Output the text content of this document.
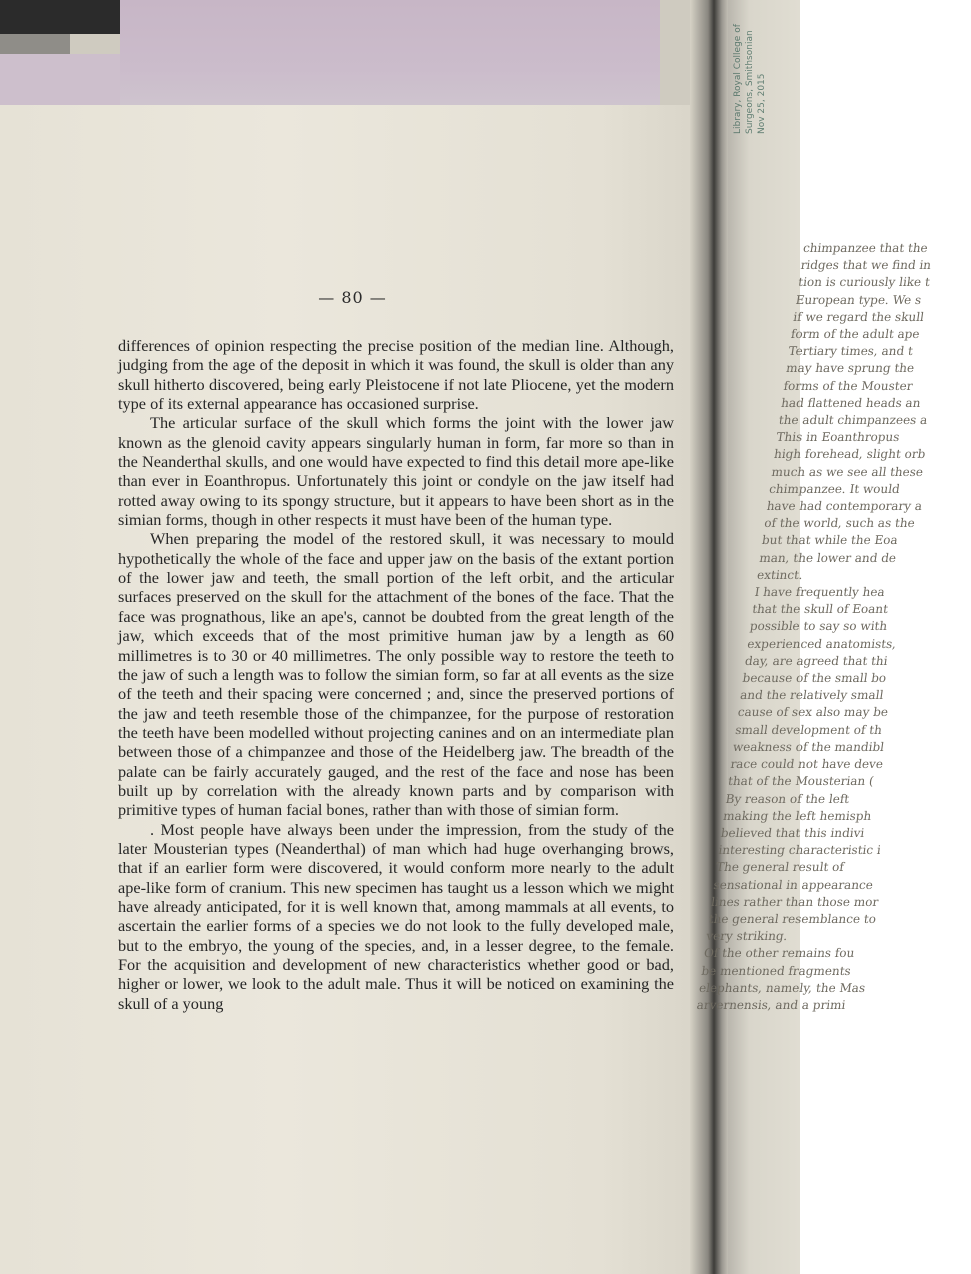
— 80 —

differences of opinion respecting the precise position of the median line. Although, judging from the age of the deposit in which it was found, the skull is older than any skull hitherto discovered, being early Pleistocene if not late Pliocene, yet the modern type of its external appearance has occasioned surprise.

The articular surface of the skull which forms the joint with the lower jaw known as the glenoid cavity appears singularly human in form, far more so than in the Neanderthal skulls, and one would have expected to find this detail more ape-like than ever in Eoanthropus. Unfortunately this joint or condyle on the jaw itself had rotted away owing to its spongy structure, but it appears to have been short as in the simian forms, though in other respects it must have been of the human type.

When preparing the model of the restored skull, it was necessary to mould hypothetically the whole of the face and upper jaw on the basis of the extant portion of the lower jaw and teeth, the small portion of the left orbit, and the articular surfaces preserved on the skull for the attachment of the bones of the face. That the face was prognathous, like an ape's, cannot be doubted from the great length of the jaw, which exceeds that of the most primitive human jaw by a length as 60 millimetres is to 30 or 40 millimetres. The only possible way to restore the teeth to the jaw of such a length was to follow the simian form, so far at all events as the size of the teeth and their spacing were concerned ; and, since the preserved portions of the jaw and teeth resemble those of the chimpanzee, for the purpose of restoration the teeth have been modelled without projecting canines and on an intermediate plan between those of a chimpanzee and those of the Heidelberg jaw. The breadth of the palate can be fairly accurately gauged, and the rest of the face and nose has been built up by correlation with the already known parts and by comparison with primitive types of human facial bones, rather than with those of simian form.

. Most people have always been under the impression, from the study of the later Mousterian types (Neanderthal) of man which had huge overhanging brows, that if an earlier form were discovered, it would conform more nearly to the adult ape-like form of cranium. This new specimen has taught us a lesson which we might have already anticipated, for it is well known that, among mammals at all events, to ascertain the earlier forms of a species we do not look to the fully developed male, but to the embryo, the young of the species, and, in a lesser degree, to the female. For the acquisition and development of new characteristics whether good or bad, higher or lower, we look to the adult male. Thus it will be noticed on examining the skull of a young

Library, Royal College of Surgeons, Smithsonian Nov 25, 2015
chimpanzee that the
ridges that we find in
tion is curiously like t
European type. We s
if we regard the skull
form of the adult ape
Tertiary times, and t
may have sprung the
forms of the Mouster
had flattened heads an
the adult chimpanzees a
This in Eoanthropus
high forehead, slight orb
much as we see all these
chimpanzee. It would
have had contemporary a
of the world, such as the
but that while the Eoa
man, the lower and de
extinct.
I have frequently hea
that the skull of Eoant
possible to say so with
experienced anatomists,
day, are agreed that thi
because of the small bo
and the relatively small
cause of sex also may be
small development of th
weakness of the mandibl
race could not have deve
that of the Mousterian (
By reason of the left
making the left hemisph
believed that this indivi
interesting characteristic i
The general result of
sensational in appearance
lines rather than those mor
the general resemblance to
very striking.
Of the other remains fou
be mentioned fragments
elephants, namely, the Mas
arvernensis, and a primi
